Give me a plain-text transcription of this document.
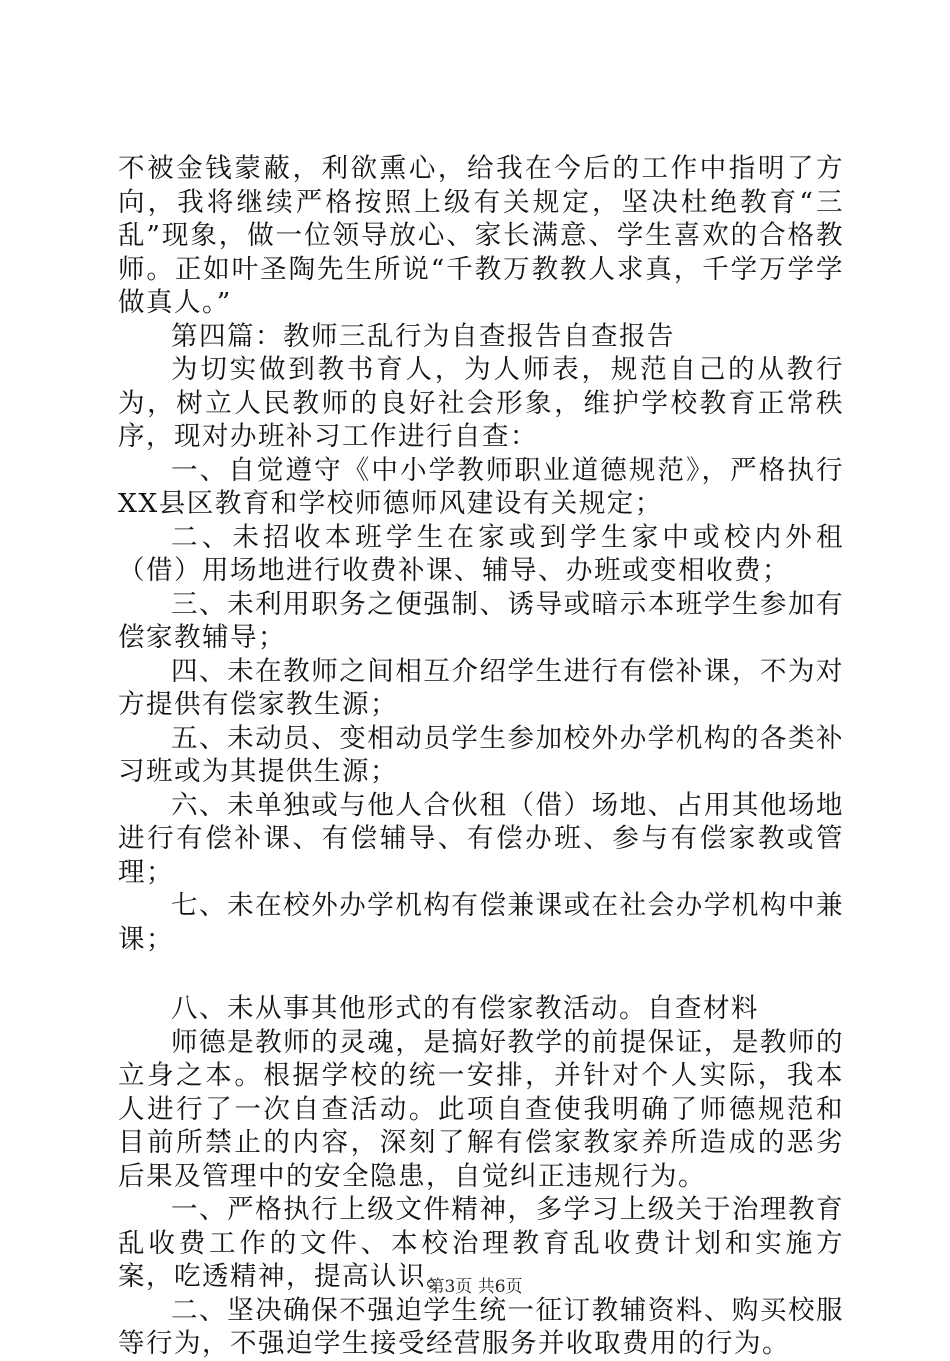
不被金钱蒙蔽，利欲熏心，给我在今后的工作中指明了方向，我将继续严格按照上级有关规定，坚决杜绝教育“三乱”现象，做一位领导放心、家长满意、学生喜欢的合格教师。正如叶圣陶先生所说“千教万教教人求真，千学万学学做真人。”

第四篇：教师三乱行为自查报告自查报告

为切实做到教书育人，为人师表，规范自己的从教行为，树立人民教师的良好社会形象，维护学校教育正常秩序，现对办班补习工作进行自查：

一、自觉遵守《中小学教师职业道德规范》，严格执行XX县区教育和学校师德师风建设有关规定；

二、未招收本班学生在家或到学生家中或校内外租（借）用场地进行收费补课、辅导、办班或变相收费；

三、未利用职务之便强制、诱导或暗示本班学生参加有偿家教辅导；

四、未在教师之间相互介绍学生进行有偿补课，不为对方提供有偿家教生源；

五、未动员、变相动员学生参加校外办学机构的各类补习班或为其提供生源；

六、未单独或与他人合伙租（借）场地、占用其他场地进行有偿补课、有偿辅导、有偿办班、参与有偿家教或管理；

七、未在校外办学机构有偿兼课或在社会办学机构中兼课；

八、未从事其他形式的有偿家教活动。自查材料

师德是教师的灵魂，是搞好教学的前提保证，是教师的立身之本。根据学校的统一安排，并针对个人实际，我本人进行了一次自查活动。此项自查使我明确了师德规范和目前所禁止的内容，深刻了解有偿家教家养所造成的恶劣后果及管理中的安全隐患，自觉纠正违规行为。

一、严格执行上级文件精神，多学习上级关于治理教育乱收费工作的文件、本校治理教育乱收费计划和实施方案，吃透精神，提高认识。

二、坚决确保不强迫学生统一征订教辅资料、购买校服等行为，不强迫学生接受经营服务并收取费用的行为。

第3页 共6页
